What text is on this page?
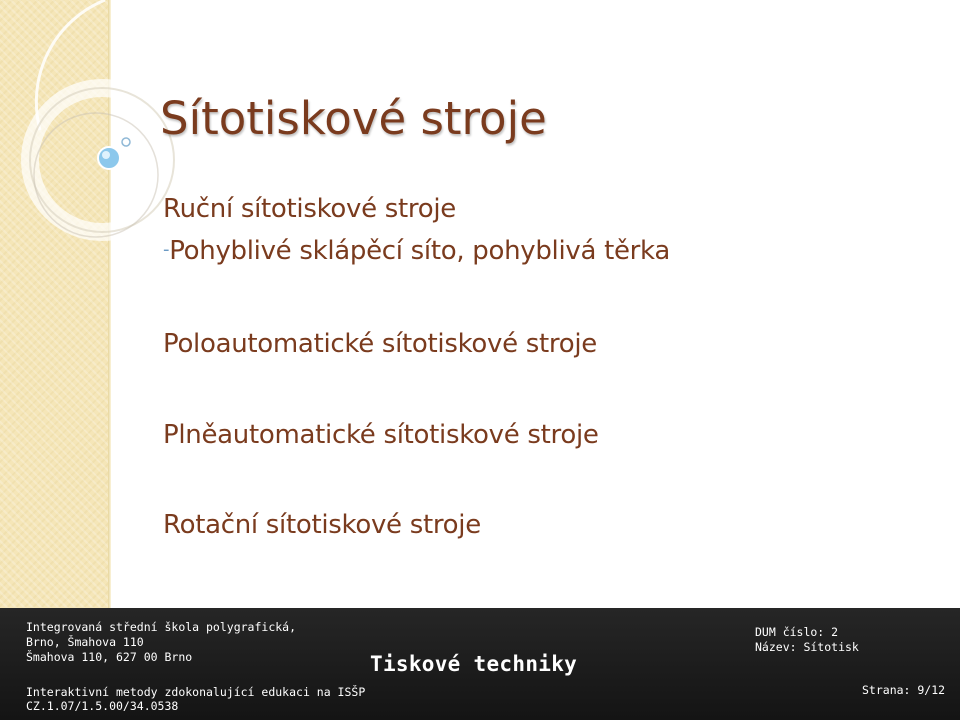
Sítotiskové stroje
Ruční sítotiskové stroje
-Pohyblivé sklápěcí síto, pohyblivá těrka
Poloautomatické sítotiskové stroje
Plněautomatické sítotiskové stroje
Rotační sítotiskové stroje
Integrovaná střední škola polygrafická,
Brno, Šmahova 110
Šmahova 110, 627 00 Brno	Tiskové techniky
DUM číslo: 2
Název: Sítotisk
Interaktivní metody zdokonalující edukaci na ISŠP
CZ.1.07/1.5.00/34.0538
Strana: 9/12
